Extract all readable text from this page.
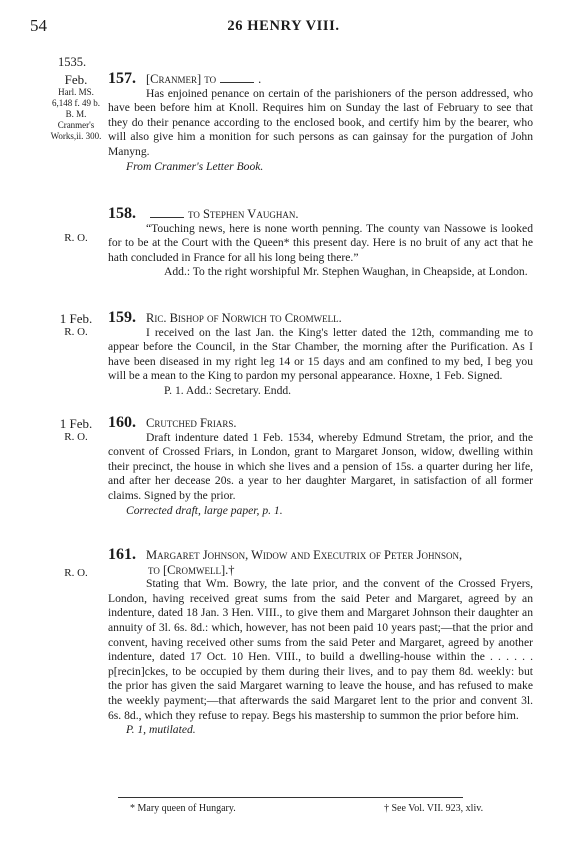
54	26 HENRY VIII.
1535.
Feb.
Harl. MS.
6,148 f. 49 b.
B. M.
Cranmer's
Works,ii. 300.
157. [Cranmer] to	.

Has enjoined penance on certain of the parishioners of the person addressed, who have been before him at Knoll. Requires him on Sunday the last of February to see that they do their penance according to the enclosed book, and certify him by the bearer, who will also give him a monition for such persons as can gainsay for the purgation of John Manyng.

From Cranmer's Letter Book.

R. O.
158.	to Stephen Vaughan.

“Touching news, here is none worth penning. The county van Nassowe is looked for to be at the Court with the Queen* this present day. Here is no bruit of any act that he hath concluded in France for all his long being there.”

Add.: To the right worshipful Mr. Stephen Waughan, in Cheapside, at London.

1 Feb.
R. O.
159. Ric. Bishop of Norwich to Cromwell.

I received on the last Jan. the King's letter dated the 12th, commanding me to appear before the Council, in the Star Chamber, the morning after the Purification. As I have been diseased in my right leg 14 or 15 days and am confined to my bed, I beg you will be a mean to the King to pardon my personal appearance. Hoxne, 1 Feb. Signed.

P. 1. Add.: Secretary. Endd.

1 Feb.
R. O.
160. Crutched Friars.

Draft indenture dated 1 Feb. 1534, whereby Edmund Stretam, the prior, and the convent of Crossed Friars, in London, grant to Margaret Jonson, widow, dwelling within their precinct, the house in which she lives and a pension of 15s. a quarter during her life, and after her decease 20s. a year to her daughter Margaret, in satisfaction of all former claims. Signed by the prior.

Corrected draft, large paper, p. 1.

R. O.
161. Margaret Johnson, Widow and Executrix of Peter Johnson,
to [Cromwell].†

Stating that Wm. Bowry, the late prior, and the convent of the Crossed Fryers, London, having received great sums from the said Peter and Margaret, agreed by an indenture, dated 18 Jan. 3 Hen. VIII., to give them and Margaret Johnson their daughter an annuity of 3l. 6s. 8d.: which, however, has not been paid 10 years past;—that the prior and convent, having received other sums from the said Peter and Margaret, agreed by another indenture, dated 17 Oct. 10 Hen. VIII., to build a dwelling-house within the . . . . . . p[recin]ckes, to be occupied by them during their lives, and to pay them 8d. weekly: but the prior has given the said Margaret warning to leave the house, and has refused to make the weekly payment;—that afterwards the said Margaret lent to the prior and convent 3l. 6s. 8d., which they refuse to repay. Begs his mastership to summon the prior before him.

P. 1, mutilated.

* Mary queen of Hungary.	† See Vol. VII. 923, xliv.
